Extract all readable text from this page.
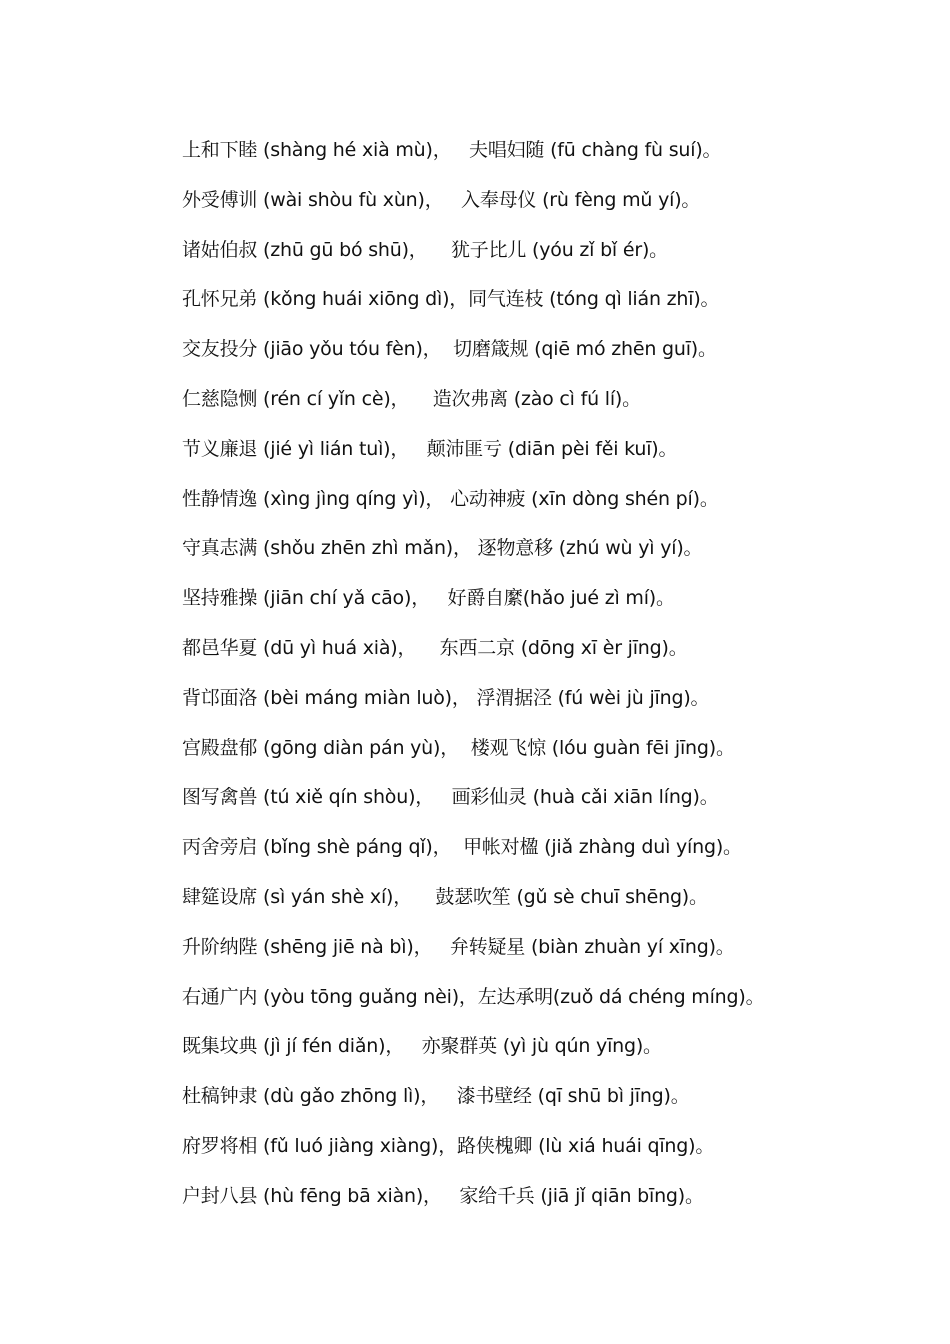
上和下睦 (shàng hé xià mù)，   夫唱妇随 (fū chàng fù suí)。
外受傅训 (wài shòu fù xùn)，   入奉母仪 (rù fèng mǔ yí)。
诸姑伯叔 (zhū gū bó shū)，    犹子比儿 (yóu zǐ bǐ ér)。
孔怀兄弟 (kǒng huái xiōng dì)，同气连枝 (tóng qì lián zhī)。
交友投分 (jiāo yǒu tóu fèn)，  切磨箴规 (qiē mó zhēn guī)。
仁慈隐恻 (rén cí yǐn cè)，    造次弗离 (zào cì fú lí)。
节义廉退 (jié yì lián tuì)，   颠沛匪亏 (diān pèi fěi kuī)。
性静情逸 (xìng jìng qíng yì)， 心动神疲 (xīn dòng shén pí)。
守真志满 (shǒu zhēn zhì mǎn)， 逐物意移 (zhú wù yì yí)。
坚持雅操 (jiān chí yǎ cāo)，   好爵自縻(hǎo jué zì mí)。
都邑华夏 (dū yì huá xià)，    东西二京 (dōng xī èr jīng)。
背邙面洛 (bèi máng miàn luò)， 浮渭据泾 (fú wèi jù jīng)。
宫殿盘郁 (gōng diàn pán yù)，  楼观飞惊 (lóu guàn fēi jīng)。
图写禽兽 (tú xiě qín shòu)，   画彩仙灵 (huà cǎi xiān líng)。
丙舍旁启 (bǐng shè páng qǐ)，  甲帐对楹 (jiǎ zhàng duì yíng)。
肆筵设席 (sì yán shè xí)，    鼓瑟吹笙 (gǔ sè chuī shēng)。
升阶纳陛 (shēng jiē nà bì)，   弁转疑星 (biàn zhuàn yí xīng)。
右通广内 (yòu tōng guǎng nèi)，左达承明(zuǒ dá chéng míng)。
既集坟典 (jì jí fén diǎn)，   亦聚群英 (yì jù qún yīng)。
杜稿钟隶 (dù gǎo zhōng lì)，   漆书壁经 (qī shū bì jīng)。
府罗将相 (fǔ luó jiàng xiàng)，路侠槐卿 (lù xiá huái qīng)。
户封八县 (hù fēng bā xiàn)，   家给千兵 (jiā jǐ qiān bīng)。
